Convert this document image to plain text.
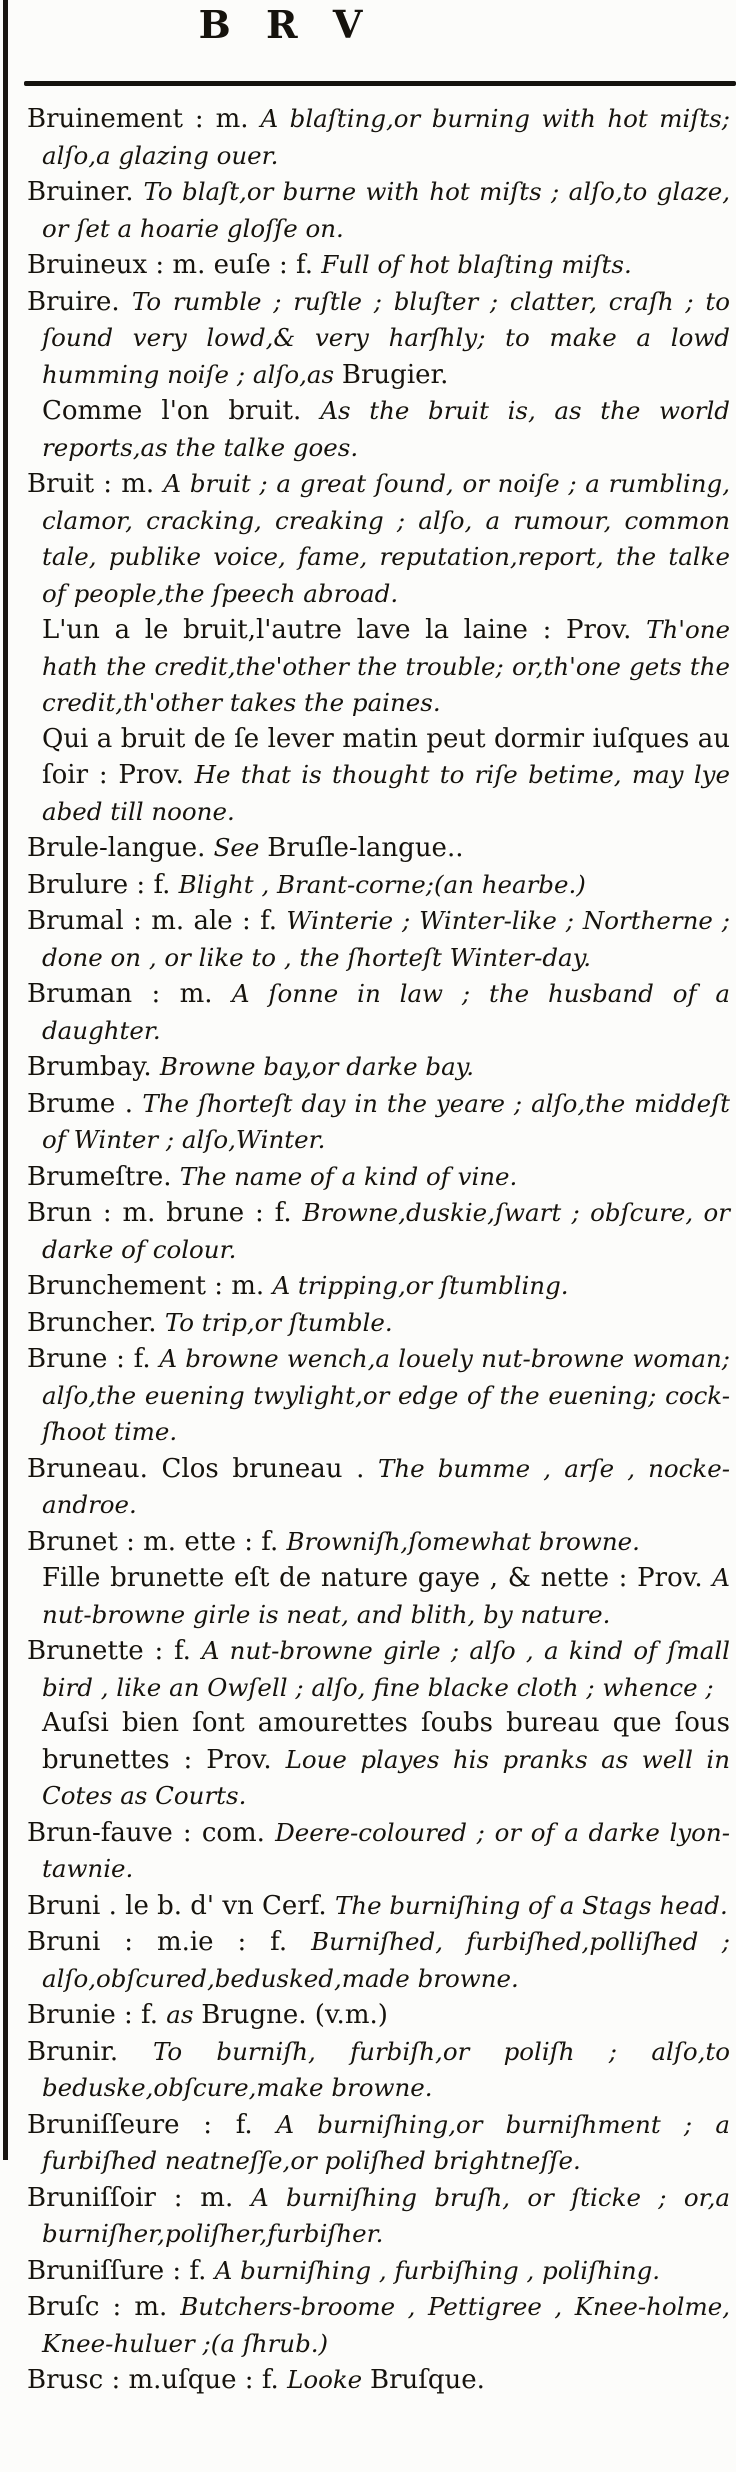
B R V
Bruinement : m. A blaſting,or burning with hot miſts; alſo,a glazing ouer.
Bruiner. To blaſt,or burne with hot miſts ; alſo,to glaze, or ſet a hoarie gloſſe on.
Bruineux : m. euſe : f. Full of hot blaſting miſts.
Bruire. To rumble ; ruſtle ; bluſter ; clatter, craſh ; to ſound very lowd,& very harſhly; to make a lowd humming noiſe ; alſo,as Brugier.
Comme l'on bruit. As the bruit is, as the world reports,as the talke goes.
Bruit : m. A bruit ; a great ſound, or noiſe ; a rumbling, clamor, cracking, creaking ; alſo, a rumour, common tale, publike voice, fame, reputation,report, the talke of people,the ſpeech abroad.
L'un a le bruit,l'autre lave la laine : Prov. Th'one hath the credit,the'other the trouble; or,th'one gets the credit,th'other takes the paines.
Qui a bruit de ſe lever matin peut dormir iuſques au ſoir : Prov. He that is thought to riſe betime, may lye abed till noone.
Brule-langue. See Bruſle-langue..
Brulure : f. Blight , Brant-corne;(an hearbe.)
Brumal : m. ale : f. Winterie ; Winter-like ; Northerne ; done on , or like to , the ſhorteſt Winter-day.
Bruman : m. A ſonne in law ; the husband of a daughter.
Brumbay. Browne bay,or darke bay.
Brume . The ſhorteſt day in the yeare ; alſo,the middeſt of Winter ; alſo,Winter.
Brumeſtre. The name of a kind of vine.
Brun : m. brune : f. Browne,duskie,ſwart ; obſcure, or darke of colour.
Brunchement : m. A tripping,or ſtumbling.
Bruncher. To trip,or ſtumble.
Brune : f. A browne wench,a louely nut-browne woman; alſo,the euening twylight,or edge of the euening; cock-ſhoot time.
Bruneau. Clos bruneau . The bumme , arſe , nocke-androe.
Brunet : m. ette : f. Browniſh,ſomewhat browne.
Fille brunette eſt de nature gaye , & nette : Prov. A nut-browne girle is neat, and blith, by nature.
Brunette : f. A nut-browne girle ; alſo , a kind of ſmall bird , like an Owſell ; alſo, fine blacke cloth ; whence ;
Auſsi bien ſont amourettes ſoubs bureau que ſous brunettes : Prov. Loue playes his pranks as well in Cotes as Courts.
Brun-fauve : com. Deere-coloured ; or of a darke lyon-tawnie.
Bruni . le b. d' vn Cerf. The burniſhing of a Stags head.
Bruni : m.ie : f. Burniſhed, furbiſhed,polliſhed ; alſo,obſcured,bedusked,made browne.
Brunie : f. as Brugne. (v.m.)
Brunir. To burniſh, furbiſh,or poliſh ; alſo,to beduske,obſcure,make browne.
Bruniſſeure : f. A burniſhing,or burniſhment ; a furbiſhed neatneſſe,or poliſhed brightneſſe.
Bruniſſoir : m. A burniſhing bruſh, or ſticke ; or,a burniſher,poliſher,furbiſher.
Bruniſſure : f. A burniſhing , furbiſhing , poliſhing.
Bruſc : m. Butchers-broome , Pettigree , Knee-holme, Knee-huluer ;(a ſhrub.)
Brusc : m.uſque : f. Looke Bruſque.
